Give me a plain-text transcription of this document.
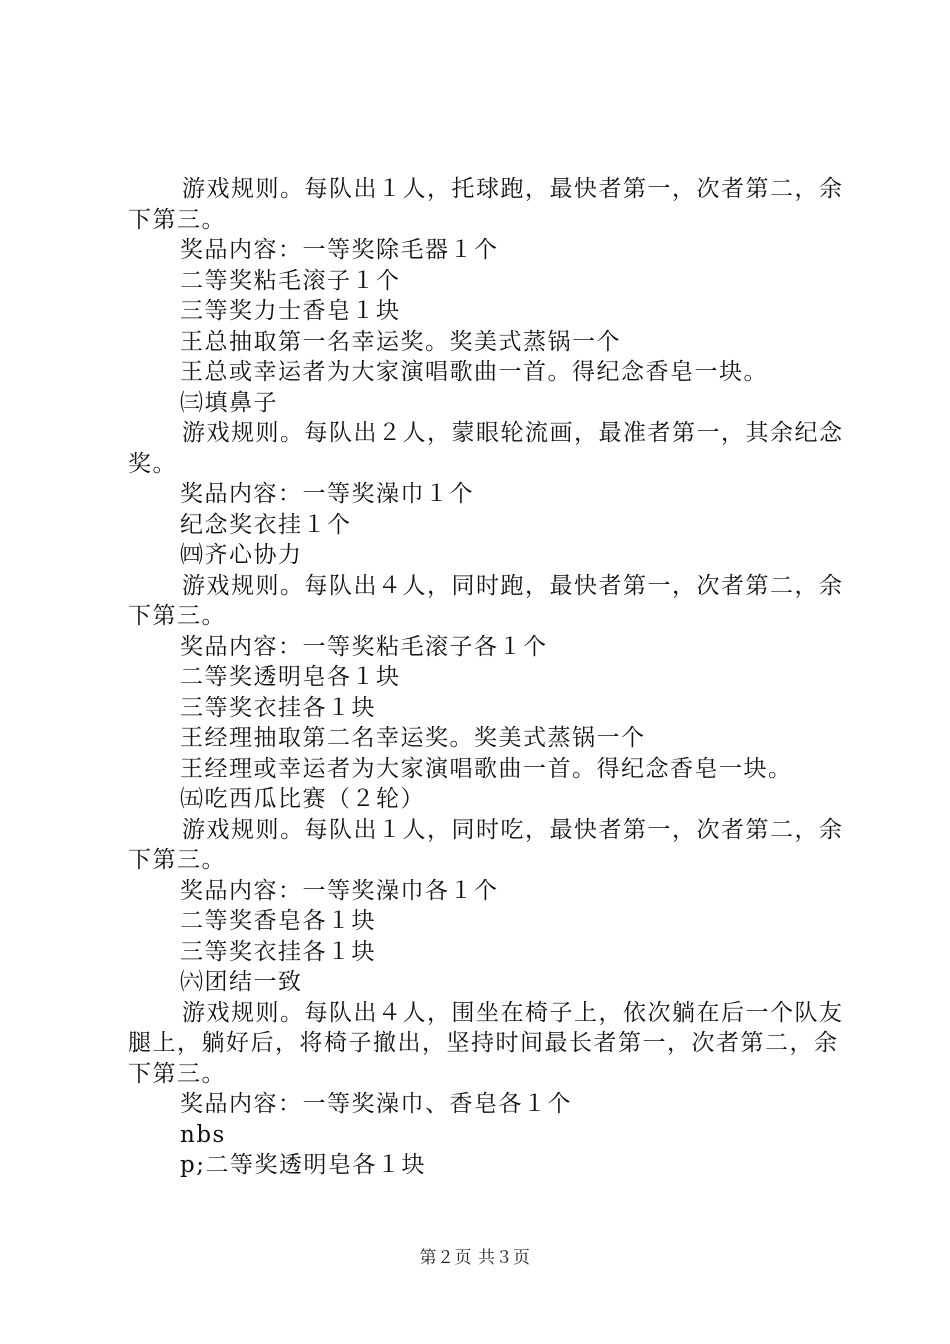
游戏规则。每队出１人，托球跑，最快者第一，次者第二，余下第三。

奖品内容：一等奖除毛器１个

二等奖粘毛滚子１个

三等奖力士香皂１块

王总抽取第一名幸运奖。奖美式蒸锅一个

王总或幸运者为大家演唱歌曲一首。得纪念香皂一块。

㈢填鼻子

游戏规则。每队出２人，蒙眼轮流画，最准者第一，其余纪念奖。

奖品内容：一等奖澡巾１个

纪念奖衣挂１个

㈣齐心协力

游戏规则。每队出４人，同时跑，最快者第一，次者第二，余下第三。

奖品内容：一等奖粘毛滚子各１个

二等奖透明皂各１块

三等奖衣挂各１块

王经理抽取第二名幸运奖。奖美式蒸锅一个

王经理或幸运者为大家演唱歌曲一首。得纪念香皂一块。

㈤吃西瓜比赛（２轮）

游戏规则。每队出１人，同时吃，最快者第一，次者第二，余下第三。

奖品内容：一等奖澡巾各１个

二等奖香皂各１块

三等奖衣挂各１块

㈥团结一致

游戏规则。每队出４人，围坐在椅子上，依次躺在后一个队友腿上，躺好后，将椅子撤出，坚持时间最长者第一，次者第二，余下第三。

奖品内容：一等奖澡巾、香皂各１个

nbs

p;二等奖透明皂各１块

第２页 共３页
